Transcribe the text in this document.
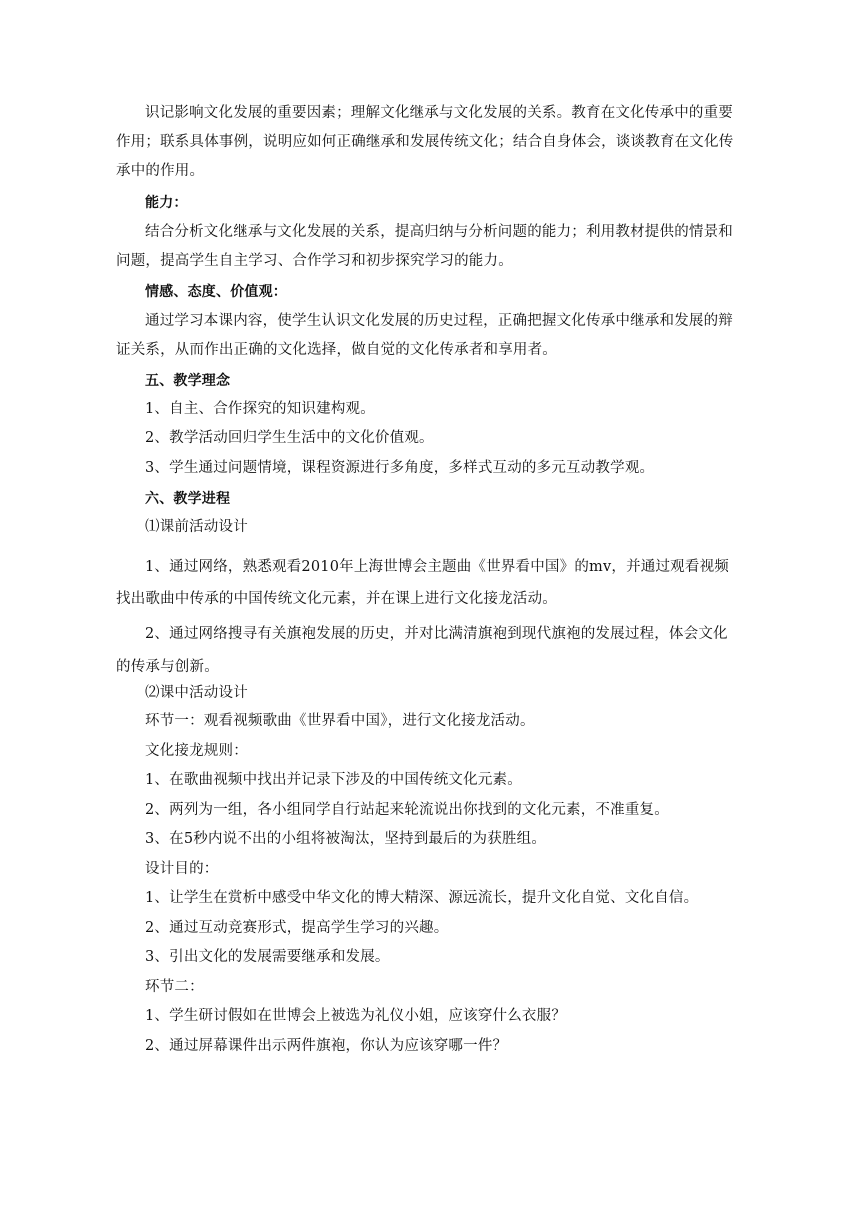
识记影响文化发展的重要因素；理解文化继承与文化发展的关系。教育在文化传承中的重要
作用；联系具体事例，说明应如何正确继承和发展传统文化；结合自身体会，谈谈教育在文化传
承中的作用。
能力：
结合分析文化继承与文化发展的关系，提高归纳与分析问题的能力；利用教材提供的情景和
问题，提高学生自主学习、合作学习和初步探究学习的能力。
情感、态度、价值观：
通过学习本课内容，使学生认识文化发展的历史过程，正确把握文化传承中继承和发展的辩
证关系，从而作出正确的文化选择，做自觉的文化传承者和享用者。
五、教学理念
1、自主、合作探究的知识建构观。
2、教学活动回归学生生活中的文化价值观。
3、学生通过问题情境，课程资源进行多角度，多样式互动的多元互动教学观。
六、教学进程
⑴课前活动设计
1、通过网络，熟悉观看2010年上海世博会主题曲《世界看中国》的mv，并通过观看视频
找出歌曲中传承的中国传统文化元素，并在课上进行文化接龙活动。
2、通过网络搜寻有关旗袍发展的历史，并对比满清旗袍到现代旗袍的发展过程，体会文化
的传承与创新。
⑵课中活动设计
环节一：观看视频歌曲《世界看中国》，进行文化接龙活动。
文化接龙规则：
1、在歌曲视频中找出并记录下涉及的中国传统文化元素。
2、两列为一组，各小组同学自行站起来轮流说出你找到的文化元素，不准重复。
3、在5秒内说不出的小组将被淘汰，坚持到最后的为获胜组。
设计目的：
1、让学生在赏析中感受中华文化的博大精深、源远流长，提升文化自觉、文化自信。
2、通过互动竞赛形式，提高学生学习的兴趣。
3、引出文化的发展需要继承和发展。
环节二：
1、学生研讨假如在世博会上被选为礼仪小姐，应该穿什么衣服？
2、通过屏幕课件出示两件旗袍，你认为应该穿哪一件？
